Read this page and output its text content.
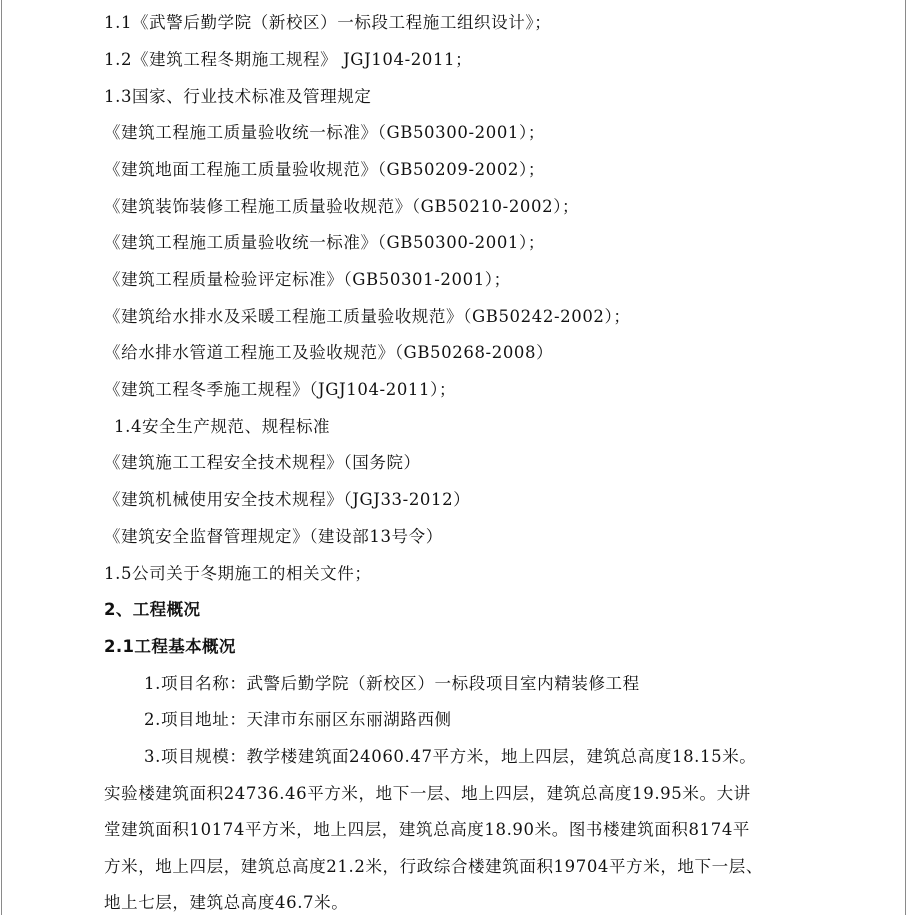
1.1《武警后勤学院（新校区）一标段工程施工组织设计》；
1.2《建筑工程冬期施工规程》 JGJ104-2011；
1.3国家、行业技术标准及管理规定
《建筑工程施工质量验收统一标准》（GB50300-2001）；
《建筑地面工程施工质量验收规范》（GB50209-2002）；
《建筑装饰装修工程施工质量验收规范》（GB50210-2002）；
《建筑工程施工质量验收统一标准》（GB50300-2001）；
《建筑工程质量检验评定标准》（GB50301-2001）；
《建筑给水排水及采暖工程施工质量验收规范》（GB50242-2002）；
《给水排水管道工程施工及验收规范》（GB50268-2008）
《建筑工程冬季施工规程》（JGJ104-2011）；
1.4安全生产规范、规程标准
《建筑施工工程安全技术规程》（国务院）
《建筑机械使用安全技术规程》（JGJ33-2012）
《建筑安全监督管理规定》（建设部13号令）
1.5公司关于冬期施工的相关文件；
2、工程概况
2.1工程基本概况
1.项目名称：武警后勤学院（新校区）一标段项目室内精装修工程
2.项目地址：天津市东丽区东丽湖路西侧
3.项目规模：教学楼建筑面24060.47平方米，地上四层，建筑总高度18.15米。
实验楼建筑面积24736.46平方米，地下一层、地上四层，建筑总高度19.95米。大讲
堂建筑面积10174平方米，地上四层，建筑总高度18.90米。图书楼建筑面积8174平
方米，地上四层，建筑总高度21.2米，行政综合楼建筑面积19704平方米，地下一层、
地上七层，建筑总高度46.7米。
